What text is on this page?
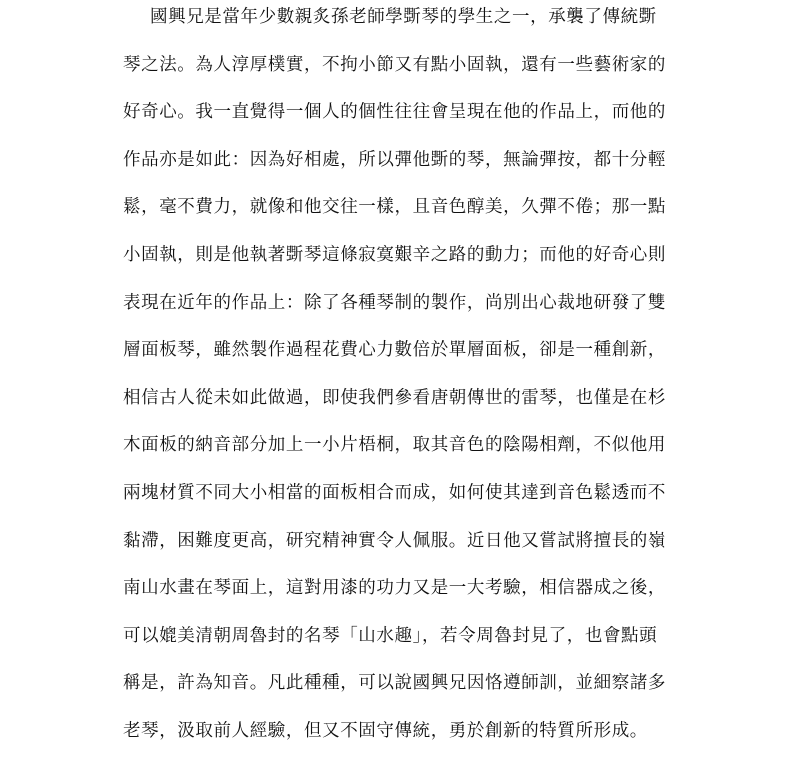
國興兄是當年少數親炙孫老師學斲琴的學生之一，承襲了傳統斲
琴之法。為人淳厚樸實，不拘小節又有點小固執，還有一些藝術家的
好奇心。我一直覺得一個人的個性往往會呈現在他的作品上，而他的
作品亦是如此：因為好相處，所以彈他斲的琴，無論彈按，都十分輕
鬆，毫不費力，就像和他交往一樣，且音色醇美，久彈不倦；那一點
小固執，則是他執著斲琴這條寂寞艱辛之路的動力；而他的好奇心則
表現在近年的作品上：除了各種琴制的製作，尚別出心裁地研發了雙
層面板琴，雖然製作過程花費心力數倍於單層面板，卻是一種創新，
相信古人從未如此做過，即使我們參看唐朝傳世的雷琴，也僅是在杉
木面板的納音部分加上一小片梧桐，取其音色的陰陽相劑，不似他用
兩塊材質不同大小相當的面板相合而成，如何使其達到音色鬆透而不
黏滯，困難度更高，研究精神實令人佩服。近日他又嘗試將擅長的嶺
南山水畫在琴面上，這對用漆的功力又是一大考驗，相信器成之後，
可以媲美清朝周魯封的名琴「山水趣」，若令周魯封見了，也會點頭
稱是，許為知音。凡此種種，可以說國興兄因恪遵師訓，並細察諸多
老琴，汲取前人經驗，但又不固守傳統，勇於創新的特質所形成。
